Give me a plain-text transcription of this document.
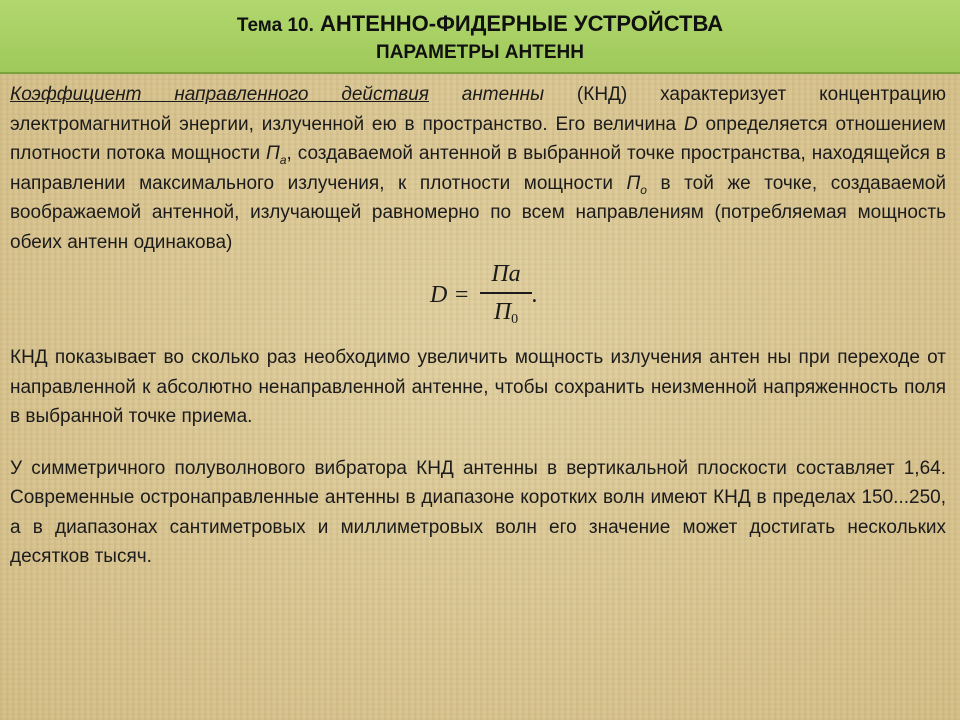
Тема 10. АНТЕННО-ФИДЕРНЫЕ УСТРОЙСТВА
ПАРАМЕТРЫ АНТЕНН

Коэффициент направленного действия антенны (КНД) характеризует концентрацию электромагнитной энергии, излученной ею в пространство. Его величина D определяется отношением плотности потока мощности $П_а$, создаваемой антенной в выбранной точке пространства, находящейся в направлении максимального излучения, к плотности мощности $П_о$ в той же точке, создаваемой воображаемой антенной, излучающей равномерно по всем направлениям (потребляемая мощность обеих антенн одинакова)

D =
Па
П0
.

КНД показывает во сколько раз необходимо увеличить мощность излучения антен ны при переходе от направленной к абсолютно ненаправленной антенне, чтобы сохранить неизменной напряженность поля в выбранной точке приема.

У симметричного полуволнового вибратора КНД антенны в вертикальной плоскости составляет 1,64. Современные остронаправленные антенны в диапазоне коротких волн имеют КНД в пределах 150...250, а в диапазонах сантиметровых и миллиметровых волн его значение может достигать нескольких десятков тысяч.
